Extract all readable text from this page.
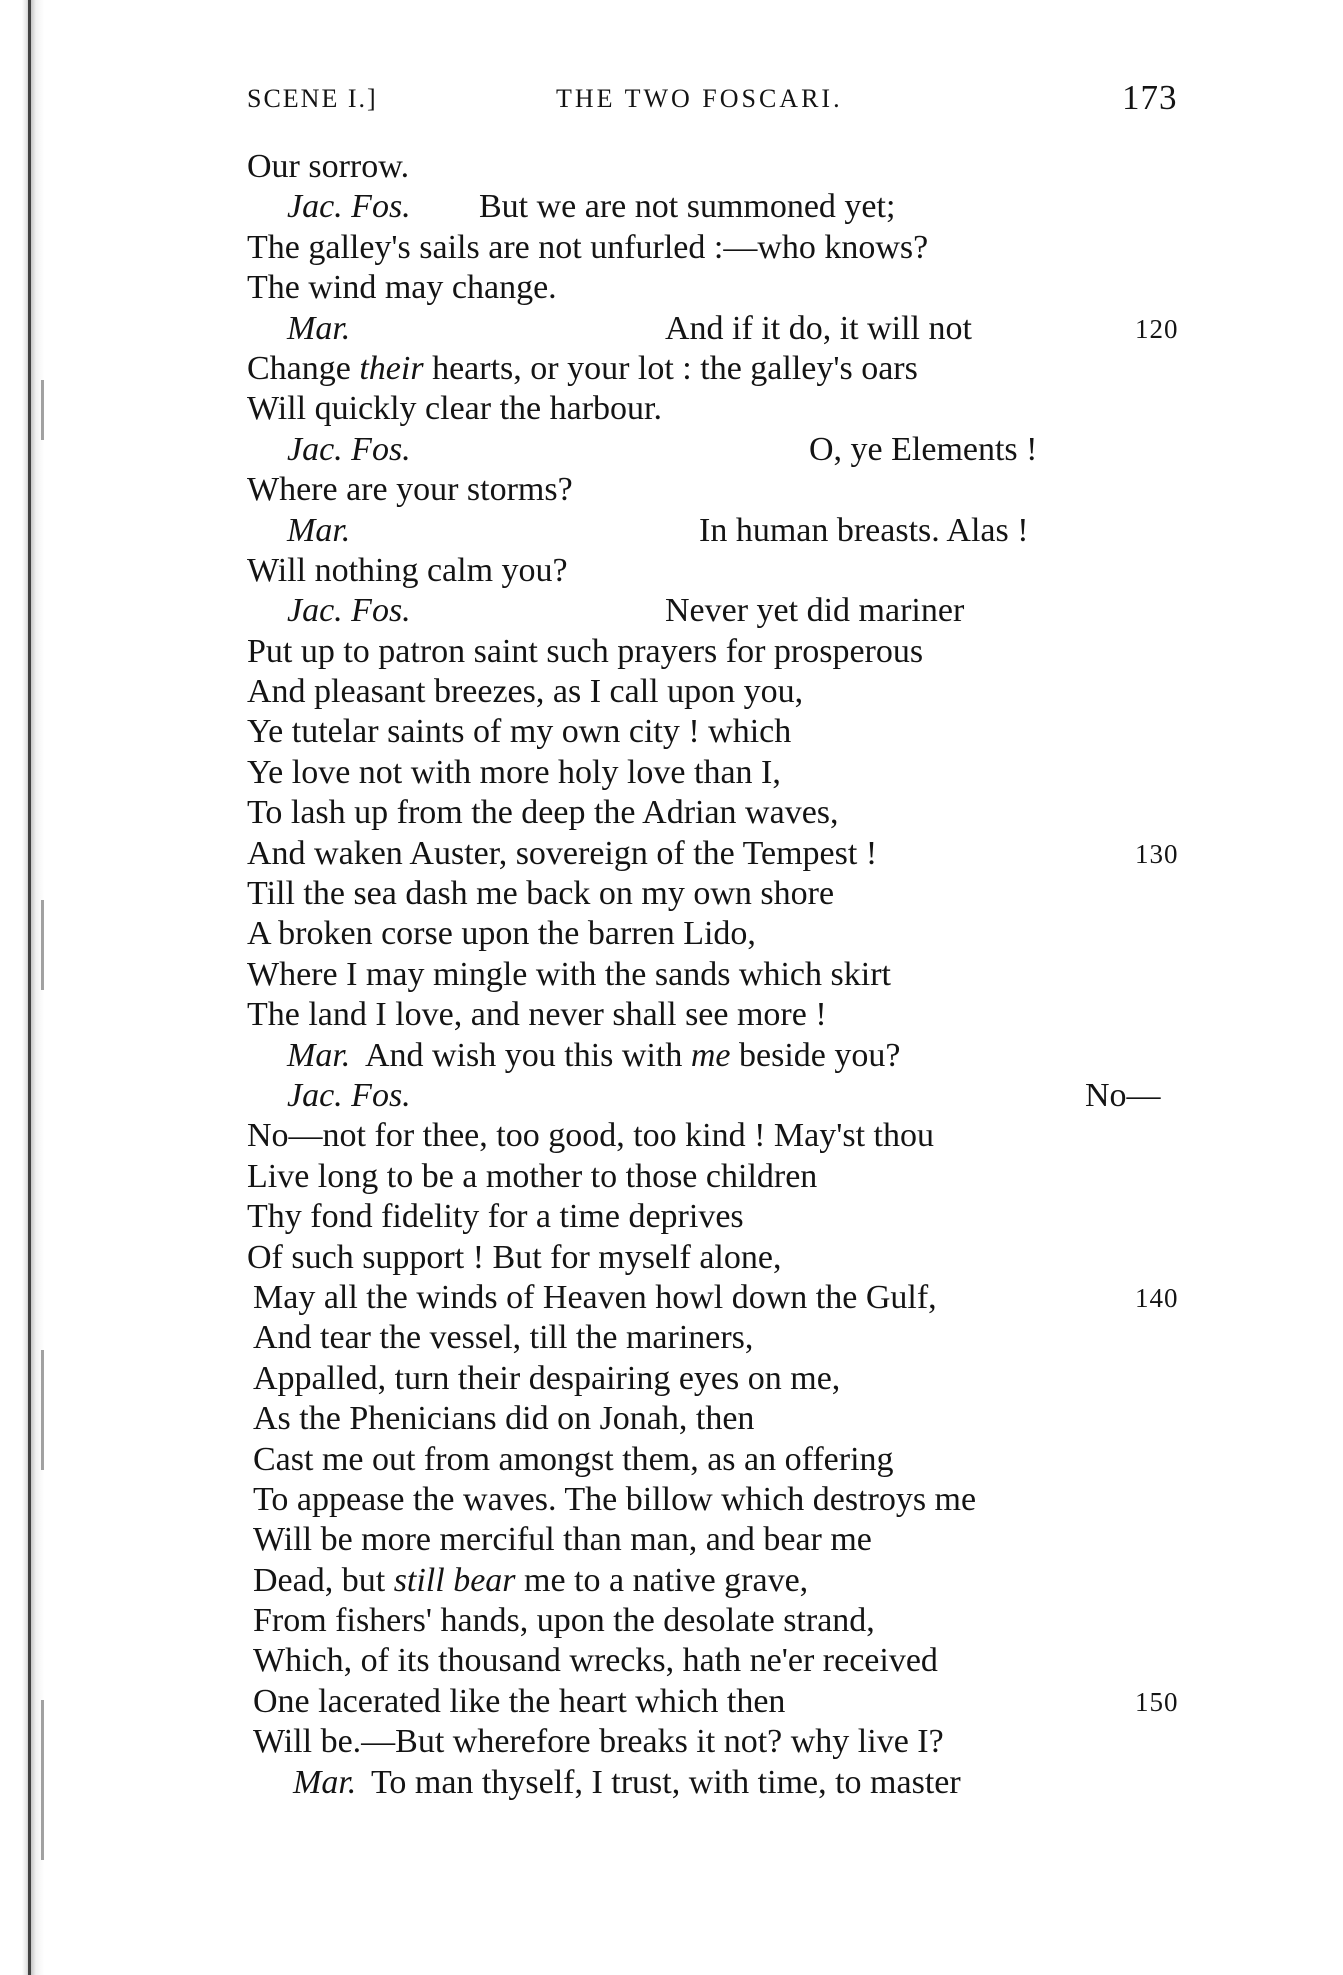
SCENE I.]	THE TWO FOSCARI.	173
Our sorrow.
Jac. Fos. But we are not summoned yet;
The galley's sails are not unfurled :—who knows?
The wind may change.
Mar.	And if it do, it will not	120
Change their hearts, or your lot : the galley's oars
Will quickly clear the harbour.
Jac. Fos.	O, ye Elements !
Where are your storms?
Mar.	In human breasts. Alas !
Will nothing calm you?
Jac. Fos.	Never yet did mariner
Put up to patron saint such prayers for prosperous
And pleasant breezes, as I call upon you,
Ye tutelar saints of my own city ! which
Ye love not with more holy love than I,
To lash up from the deep the Adrian waves,
And waken Auster, sovereign of the Tempest !	130
Till the sea dash me back on my own shore
A broken corse upon the barren Lido,
Where I may mingle with the sands which skirt
The land I love, and never shall see more !
Mar. And wish you this with me beside you?
Jac. Fos.	No—
No—not for thee, too good, too kind ! May'st thou
Live long to be a mother to those children
Thy fond fidelity for a time deprives
Of such support ! But for myself alone,
May all the winds of Heaven howl down the Gulf,	140
And tear the vessel, till the mariners,
Appalled, turn their despairing eyes on me,
As the Phenicians did on Jonah, then
Cast me out from amongst them, as an offering
To appease the waves. The billow which destroys me
Will be more merciful than man, and bear me
Dead, but still bear me to a native grave,
From fishers' hands, upon the desolate strand,
Which, of its thousand wrecks, hath ne'er received
One lacerated like the heart which then	150
Will be.—But wherefore breaks it not? why live I?
Mar. To man thyself, I trust, with time, to master
